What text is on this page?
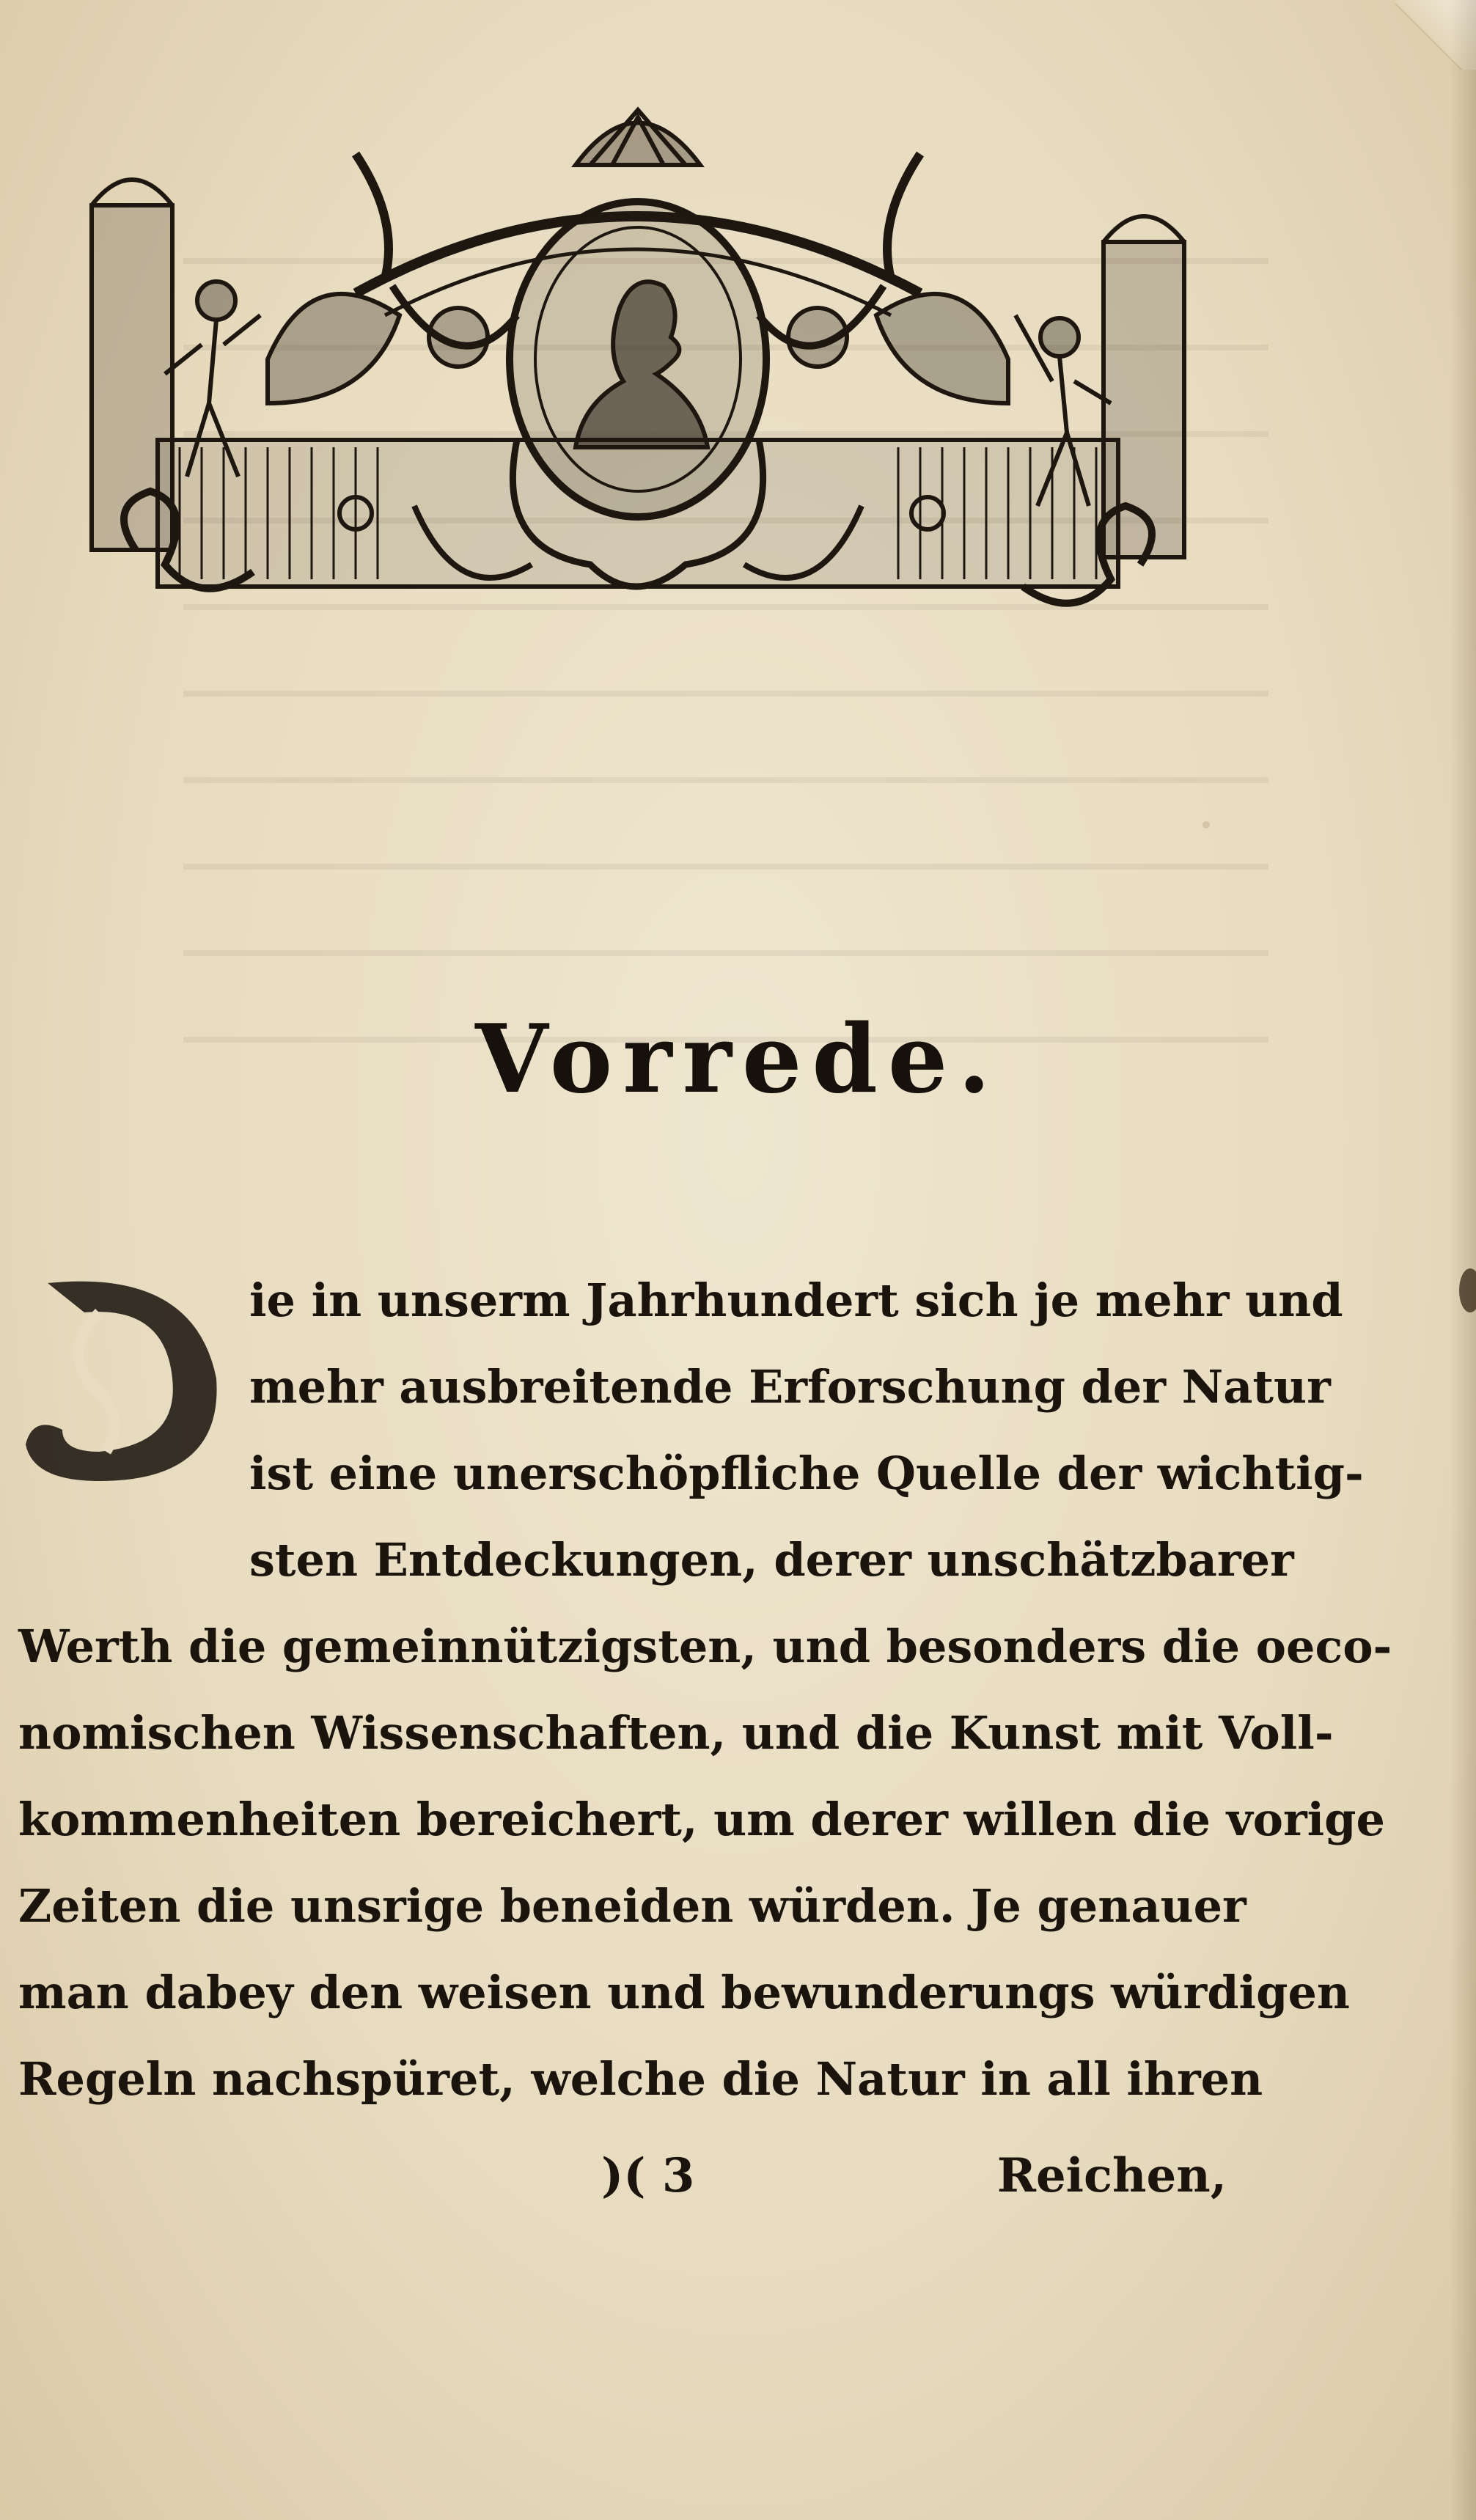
Vorrede.
D
ie in unserm Jahrhundert sich je mehr und
mehr ausbreitende Erforschung der Natur
ist eine unerschöpfliche Quelle der wichtig-
sten Entdeckungen, derer unschätzbarer
Werth die gemeinnützigsten, und besonders die oeco-
nomischen Wissenschaften, und die Kunst mit Voll-
kommenheiten bereichert, um derer willen die vorige
Zeiten die unsrige beneiden würden. Je genauer
man dabey den weisen und bewunderungs würdigen
Regeln nachspüret, welche die Natur in all ihren
)( 3	Reichen,
